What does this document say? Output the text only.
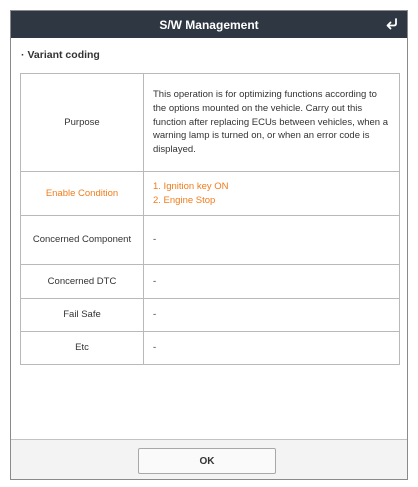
S/W Management
· Variant coding
Purpose	This operation is for optimizing functions according to the options mounted on the vehicle. Carry out this function after replacing ECUs between vehicles, when a warning lamp is turned on, or when an error code is displayed.
Enable Condition	1. Ignition key ON
2. Engine Stop

Concerned Component	-
Concerned DTC	-
Fail Safe	-
Etc	-
OK
